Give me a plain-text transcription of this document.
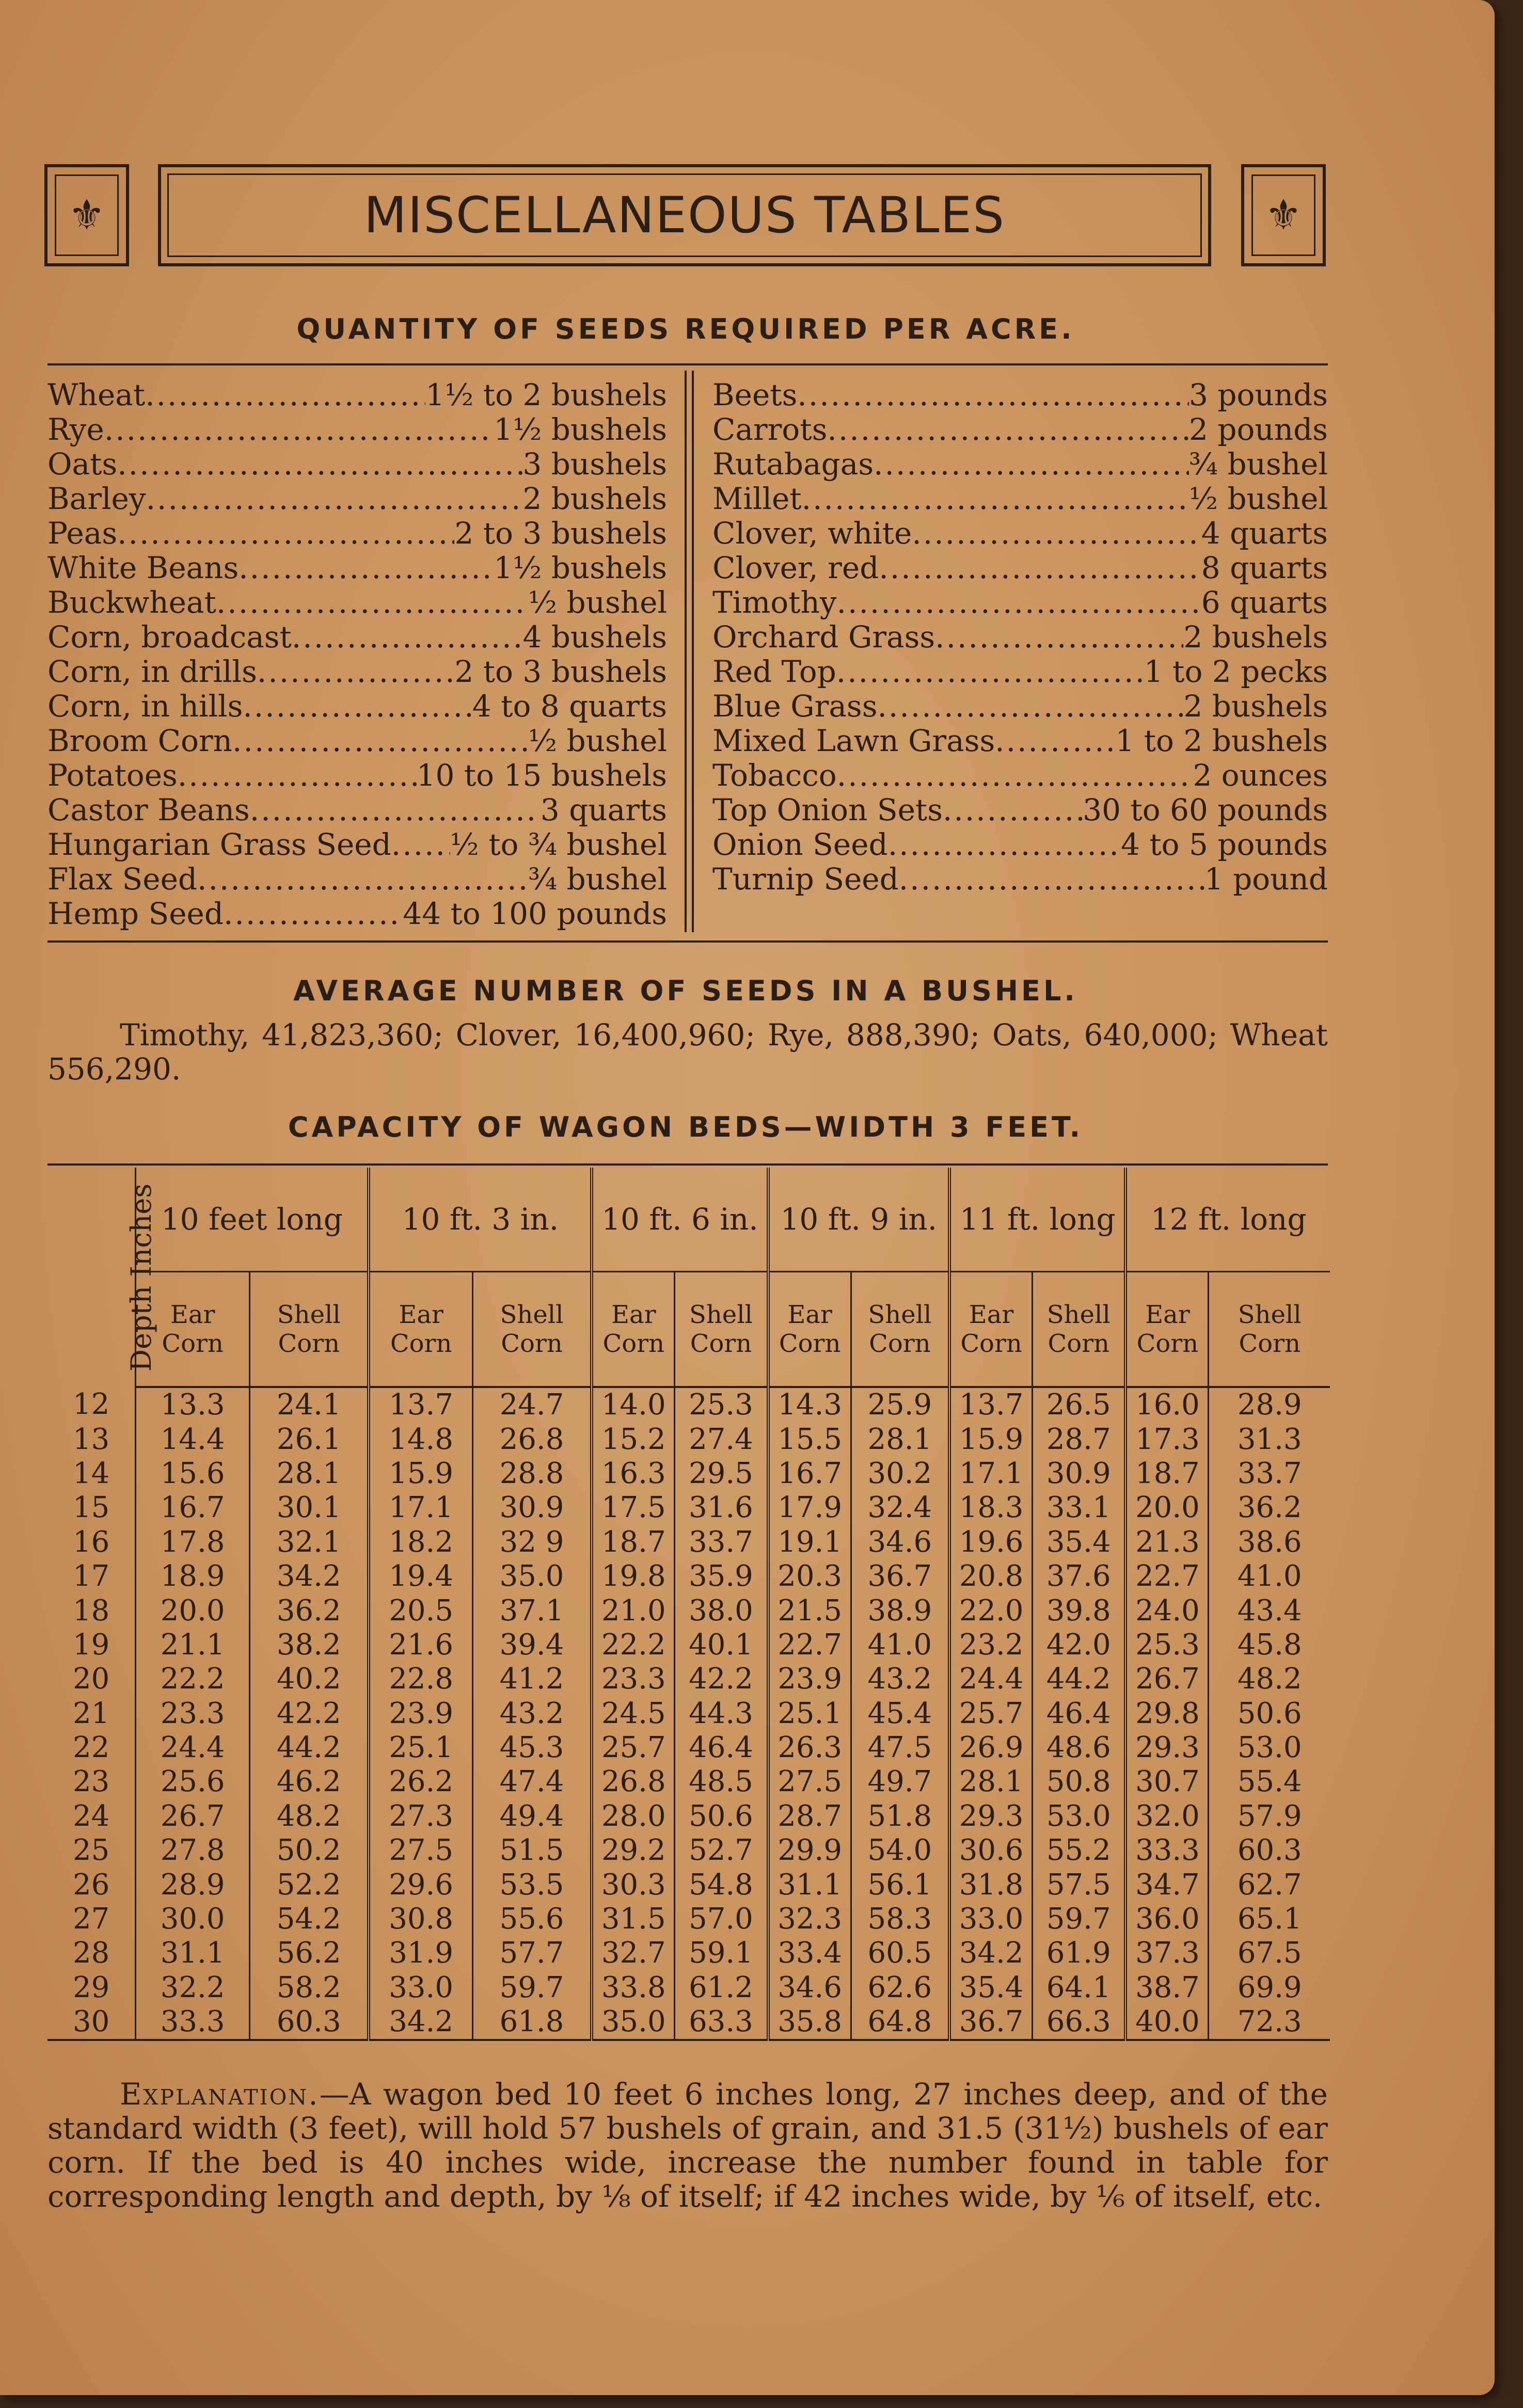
⚜	MISCELLANEOUS TABLES	⚜
QUANTITY OF SEEDS REQUIRED PER ACRE.
Wheat .....	1½ to 2 bushels
Rye .....	1½ bushels
Oats .....	3 bushels
Barley .....	2 bushels
Peas .....	2 to 3 bushels
White Beans .....	1½ bushels
Buckwheat .....	½ bushel
Corn, broadcast .....	4 bushels
Corn, in drills .....	2 to 3 bushels
Corn, in hills .....	4 to 8 quarts
Broom Corn .....	½ bushel
Potatoes .....	10 to 15 bushels
Castor Beans .....	3 quarts
Hungarian Grass Seed ..... ½ to ¾ bushel
Flax Seed .....	¾ bushel
Hemp Seed .....	44 to 100 pounds
Beets .....	3 pounds
Carrots .....	2 pounds
Rutabagas .....	¾ bushel
Millet .....	½ bushel
Clover, white .....	4 quarts
Clover, red .....	8 quarts
Timothy .....	6 quarts
Orchard Grass .....	2 bushels
Red Top .....	1 to 2 pecks
Blue Grass .....	2 bushels
Mixed Lawn Grass .....	1 to 2 bushels
Tobacco .....	2 ounces
Top Onion Sets .....	30 to 60 pounds
Onion Seed .....	4 to 5 pounds
Turnip Seed .....	1 pound
AVERAGE NUMBER OF SEEDS IN A BUSHEL.
Timothy, 41,823,360; Clover, 16,400,960; Rye, 888,390; Oats, 640,000; Wheat 556,290.
CAPACITY OF WAGON BEDS—WIDTH 3 FEET.
Depth Inches	10 feet long		10 ft. 3 in.		10 ft. 6 in.		10 ft. 9 in.		11 ft. long		12 ft. long	
	Ear Corn	Shell Corn	Ear Corn	Shell Corn	Ear Corn	Shell Corn	Ear Corn	Shell Corn	Ear Corn	Shell Corn	Ear Corn	Shell Corn
12	13.3	24.1	13.7	24.7	14.0	25.3	14.3	25.9	13.7	26.5	16.0	28.9
13	14.4	26.1	14.8	26.8	15.2	27.4	15.5	28.1	15.9	28.7	17.3	31.3
14	15.6	28.1	15.9	28.8	16.3	29.5	16.7	30.2	17.1	30.9	18.7	33.7
15	16.7	30.1	17.1	30.9	17.5	31.6	17.9	32.4	18.3	33.1	20.0	36.2
16	17.8	32.1	18.2	32 9	18.7	33.7	19.1	34.6	19.6	35.4	21.3	38.6
17	18.9	34.2	19.4	35.0	19.8	35.9	20.3	36.7	20.8	37.6	22.7	41.0
18	20.0	36.2	20.5	37.1	21.0	38.0	21.5	38.9	22.0	39.8	24.0	43.4
19	21.1	38.2	21.6	39.4	22.2	40.1	22.7	41.0	23.2	42.0	25.3	45.8
20	22.2	40.2	22.8	41.2	23.3	42.2	23.9	43.2	24.4	44.2	26.7	48.2
21	23.3	42.2	23.9	43.2	24.5	44.3	25.1	45.4	25.7	46.4	29.8	50.6
22	24.4	44.2	25.1	45.3	25.7	46.4	26.3	47.5	26.9	48.6	29.3	53.0
23	25.6	46.2	26.2	47.4	26.8	48.5	27.5	49.7	28.1	50.8	30.7	55.4
24	26.7	48.2	27.3	49.4	28.0	50.6	28.7	51.8	29.3	53.0	32.0	57.9
25	27.8	50.2	27.5	51.5	29.2	52.7	29.9	54.0	30.6	55.2	33.3	60.3
26	28.9	52.2	29.6	53.5	30.3	54.8	31.1	56.1	31.8	57.5	34.7	62.7
27	30.0	54.2	30.8	55.6	31.5	57.0	32.3	58.3	33.0	59.7	36.0	65.1
28	31.1	56.2	31.9	57.7	32.7	59.1	33.4	60.5	34.2	61.9	37.3	67.5
29	32.2	58.2	33.0	59.7	33.8	61.2	34.6	62.6	35.4	64.1	38.7	69.9
30	33.3	60.3	34.2	61.8	35.0	63.3	35.8	64.8	36.7	66.3	40.0	72.3
Explanation.—A wagon bed 10 feet 6 inches long, 27 inches deep, and of the standard width (3 feet), will hold 57 bushels of grain, and 31.5 (31½) bushels of ear corn. If the bed is 40 inches wide, increase the number found in table for corresponding length and depth, by ⅛ of itself; if 42 inches wide, by ⅙ of itself, etc.
